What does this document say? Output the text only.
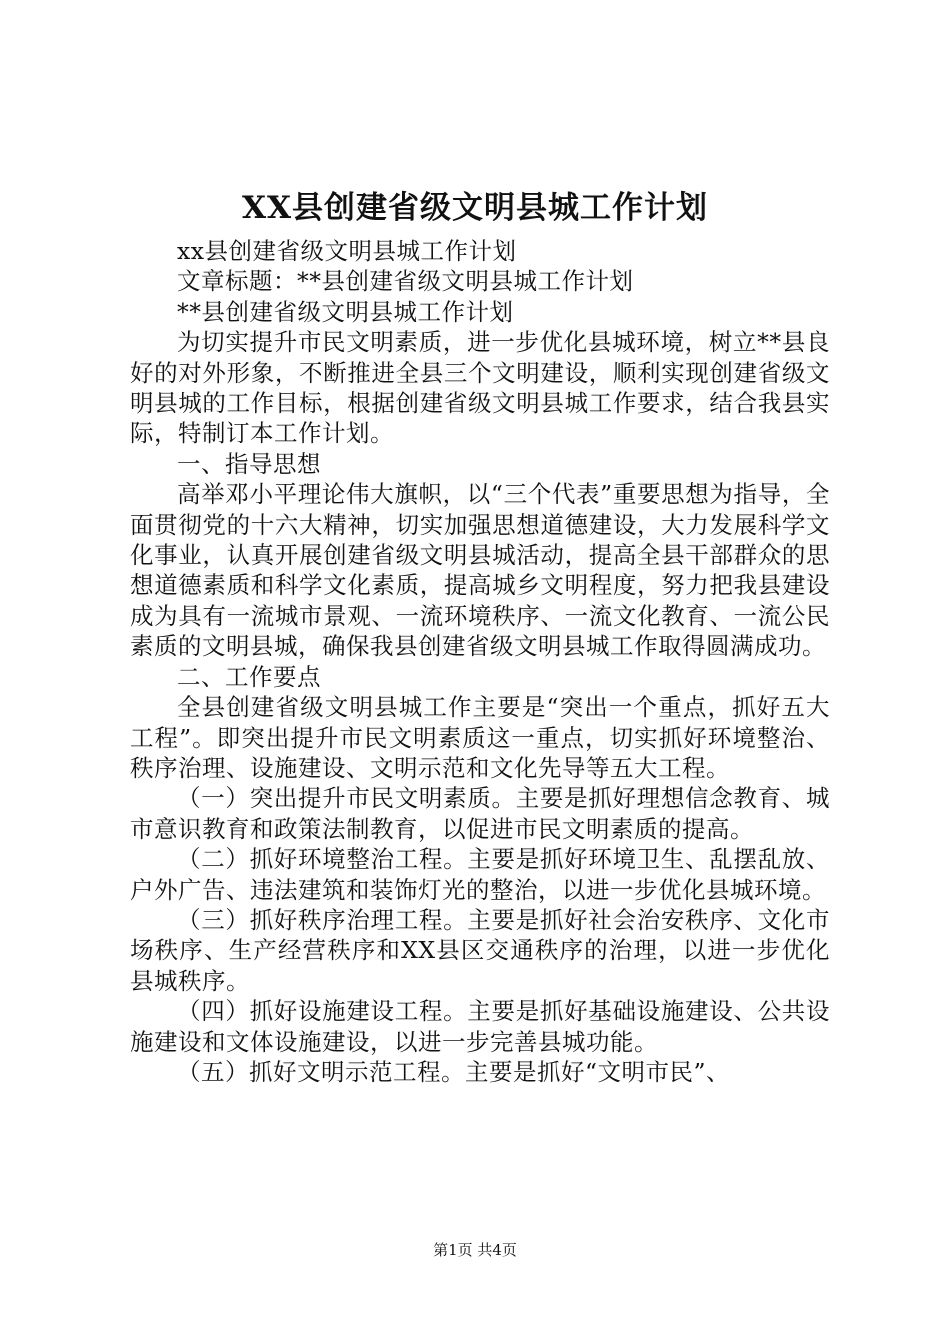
XX县创建省级文明县城工作计划

xx县创建省级文明县城工作计划

文章标题：**县创建省级文明县城工作计划

**县创建省级文明县城工作计划

为切实提升市民文明素质，进一步优化县城环境，树立**县良好的对外形象，不断推进全县三个文明建设，顺利实现创建省级文明县城的工作目标，根据创建省级文明县城工作要求，结合我县实际，特制订本工作计划。

一、指导思想

高举邓小平理论伟大旗帜，以“三个代表”重要思想为指导，全面贯彻党的十六大精神，切实加强思想道德建设，大力发展科学文化事业，认真开展创建省级文明县城活动，提高全县干部群众的思想道德素质和科学文化素质，提高城乡文明程度，努力把我县建设成为具有一流城市景观、一流环境秩序、一流文化教育、一流公民素质的文明县城，确保我县创建省级文明县城工作取得圆满成功。

二、工作要点

全县创建省级文明县城工作主要是“突出一个重点，抓好五大工程”。即突出提升市民文明素质这一重点，切实抓好环境整治、秩序治理、设施建设、文明示范和文化先导等五大工程。

（一）突出提升市民文明素质。主要是抓好理想信念教育、城市意识教育和政策法制教育，以促进市民文明素质的提高。

（二）抓好环境整治工程。主要是抓好环境卫生、乱摆乱放、户外广告、违法建筑和装饰灯光的整治，以进一步优化县城环境。

（三）抓好秩序治理工程。主要是抓好社会治安秩序、文化市场秩序、生产经营秩序和XX县区交通秩序的治理，以进一步优化县城秩序。

（四）抓好设施建设工程。主要是抓好基础设施建设、公共设施建设和文体设施建设，以进一步完善县城功能。

（五）抓好文明示范工程。主要是抓好“文明市民”、

第1页 共4页
